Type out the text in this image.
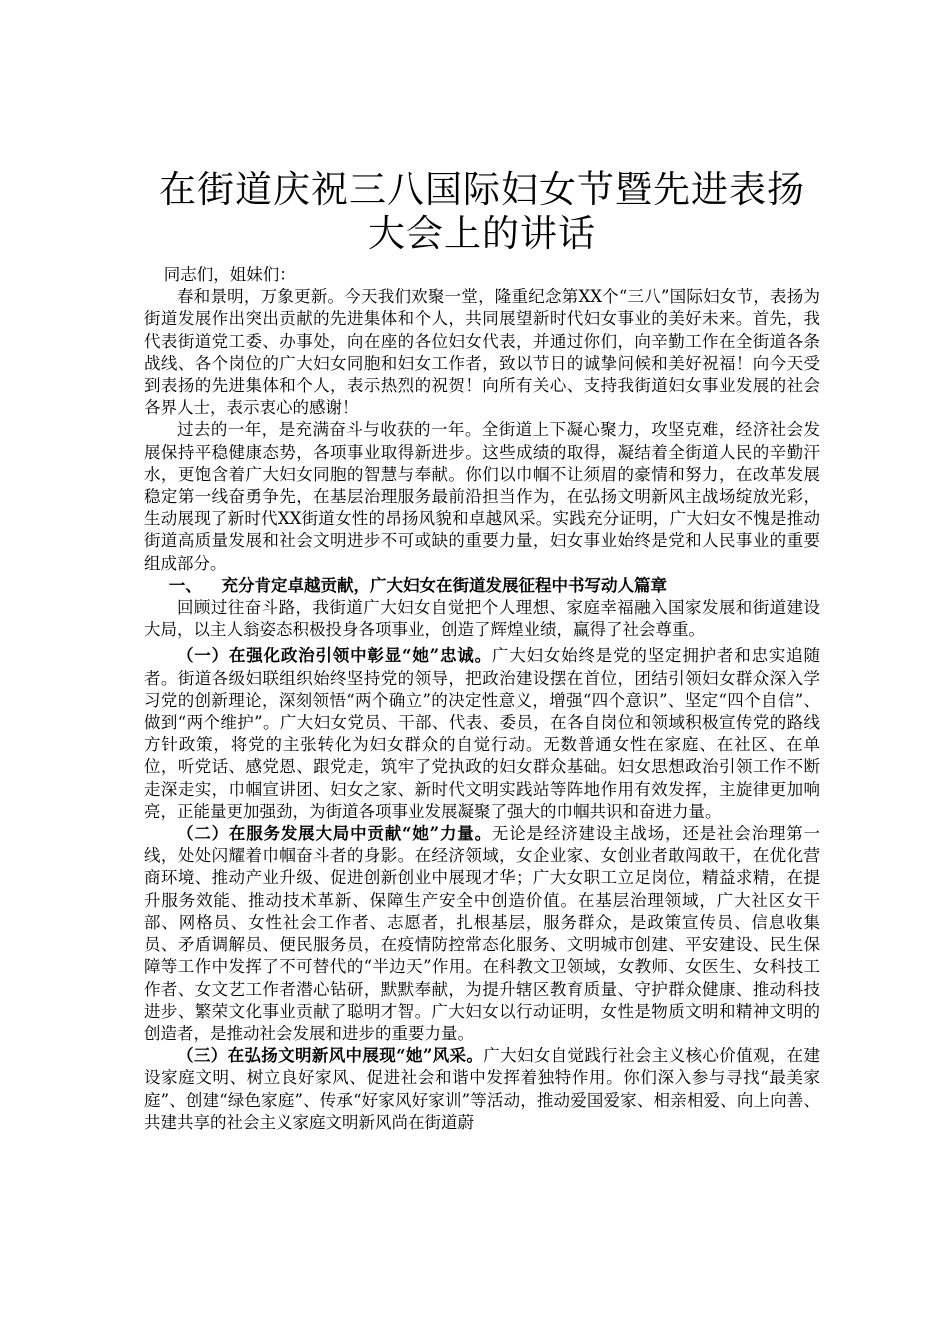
在街道庆祝三八国际妇女节暨先进表扬大会上的讲话

同志们，姐妹们：

春和景明，万象更新。今天我们欢聚一堂，隆重纪念第XX个“三八”国际妇女节，表扬为街道发展作出突出贡献的先进集体和个人，共同展望新时代妇女事业的美好未来。首先，我代表街道党工委、办事处，向在座的各位妇女代表，并通过你们，向辛勤工作在全街道各条战线、各个岗位的广大妇女同胞和妇女工作者，致以节日的诚挚问候和美好祝福！向今天受到表扬的先进集体和个人，表示热烈的祝贺！向所有关心、支持我街道妇女事业发展的社会各界人士，表示衷心的感谢！

过去的一年，是充满奋斗与收获的一年。全街道上下凝心聚力，攻坚克难，经济社会发展保持平稳健康态势，各项事业取得新进步。这些成绩的取得，凝结着全街道人民的辛勤汗水，更饱含着广大妇女同胞的智慧与奉献。你们以巾帼不让须眉的豪情和努力，在改革发展稳定第一线奋勇争先，在基层治理服务最前沿担当作为，在弘扬文明新风主战场绽放光彩，生动展现了新时代XX街道女性的昂扬风貌和卓越风采。实践充分证明，广大妇女不愧是推动街道高质量发展和社会文明进步不可或缺的重要力量，妇女事业始终是党和人民事业的重要组成部分。

一、 充分肯定卓越贡献，广大妇女在街道发展征程中书写动人篇章

回顾过往奋斗路，我街道广大妇女自觉把个人理想、家庭幸福融入国家发展和街道建设大局，以主人翁姿态积极投身各项事业，创造了辉煌业绩，赢得了社会尊重。

（一）在强化政治引领中彰显“她”忠诚。广大妇女始终是党的坚定拥护者和忠实追随者。街道各级妇联组织始终坚持党的领导，把政治建设摆在首位，团结引领妇女群众深入学习党的创新理论，深刻领悟“两个确立”的决定性意义，增强“四个意识”、坚定“四个自信”、做到“两个维护”。广大妇女党员、干部、代表、委员，在各自岗位和领域积极宣传党的路线方针政策，将党的主张转化为妇女群众的自觉行动。无数普通女性在家庭、在社区、在单位，听党话、感党恩、跟党走，筑牢了党执政的妇女群众基础。妇女思想政治引领工作不断走深走实，巾帼宣讲团、妇女之家、新时代文明实践站等阵地作用有效发挥，主旋律更加响亮，正能量更加强劲，为街道各项事业发展凝聚了强大的巾帼共识和奋进力量。

（二）在服务发展大局中贡献“她”力量。无论是经济建设主战场，还是社会治理第一线，处处闪耀着巾帼奋斗者的身影。在经济领域，女企业家、女创业者敢闯敢干，在优化营商环境、推动产业升级、促进创新创业中展现才华；广大女职工立足岗位，精益求精，在提升服务效能、推动技术革新、保障生产安全中创造价值。在基层治理领域，广大社区女干部、网格员、女性社会工作者、志愿者，扎根基层，服务群众，是政策宣传员、信息收集员、矛盾调解员、便民服务员，在疫情防控常态化服务、文明城市创建、平安建设、民生保障等工作中发挥了不可替代的“半边天”作用。在科教文卫领域，女教师、女医生、女科技工作者、女文艺工作者潜心钻研，默默奉献，为提升辖区教育质量、守护群众健康、推动科技进步、繁荣文化事业贡献了聪明才智。广大妇女以行动证明，女性是物质文明和精神文明的创造者，是推动社会发展和进步的重要力量。

（三）在弘扬文明新风中展现“她”风采。广大妇女自觉践行社会主义核心价值观，在建设家庭文明、树立良好家风、促进社会和谐中发挥着独特作用。你们深入参与寻找“最美家庭”、创建“绿色家庭”、传承“好家风好家训”等活动，推动爱国爱家、相亲相爱、向上向善、共建共享的社会主义家庭文明新风尚在街道蔚
